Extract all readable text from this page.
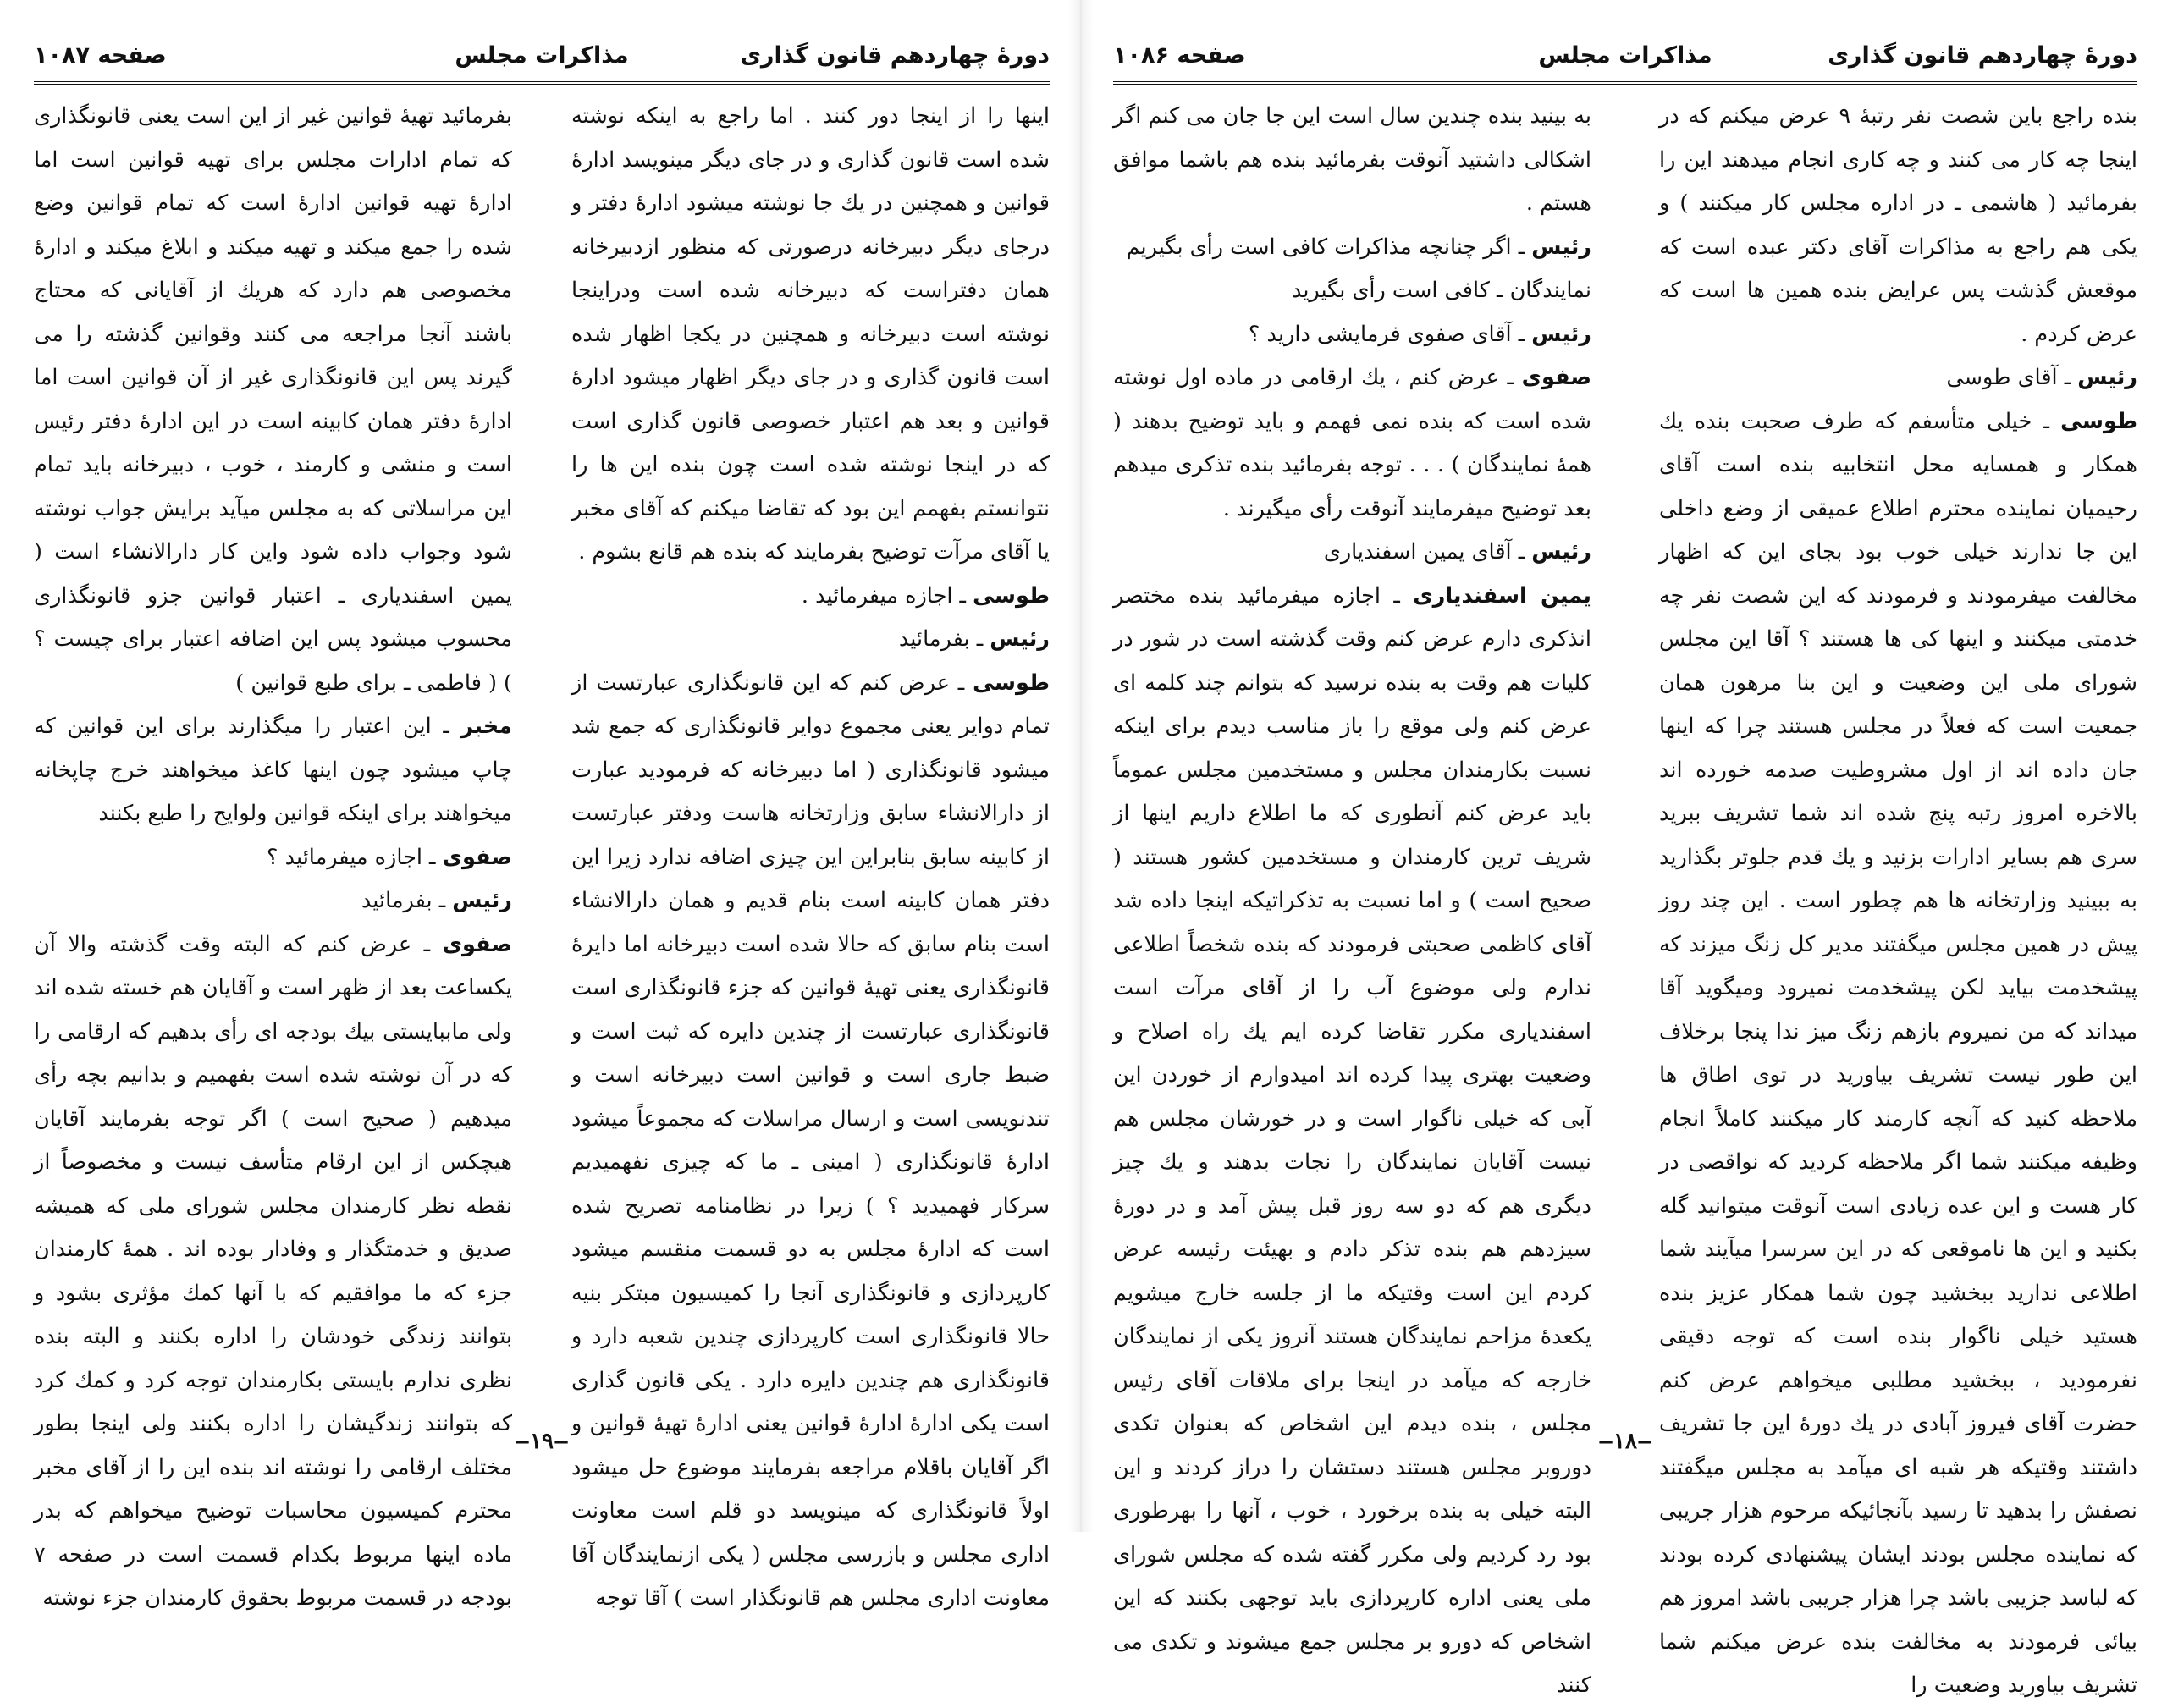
دورهٔ چهاردهم قانون گذاری
مذاکرات مجلس
صفحه ۱۰۸۷

اینها را از اینجا دور کنند . اما راجع به اینکه نوشته شده است قانون گذاری و در جای دیگر مینویسد ادارهٔ قوانین و همچنین در یك جا نوشته میشود ادارهٔ دفتر و درجای دیگر دبیرخانه درصورتی که منظور ازدبیرخانه همان دفتراست که دبیرخانه شده است ودراینجا نوشته است دبیرخانه و همچنین در یکجا اظهار شده است قانون گذاری و در جای دیگر اظهار میشود ادارهٔ قوانین و بعد هم اعتبار خصوصی قانون گذاری است که در اینجا نوشته شده است چون بنده این ها را نتوانستم بفهمم این بود که تقاضا میکنم که آقای مخبر یا آقای مرآت توضیح بفرمایند که بنده هم قانع بشوم .

طوسی ـ اجازه میفرمائید .

رئیس ـ بفرمائید

طوسی ـ عرض کنم که این قانونگذاری عبارتست از تمام دوایر یعنی مجموع دوایر قانونگذاری که جمع شد میشود قانونگذاری ( اما دبیرخانه که فرمودید عبارت از دارالانشاء سابق وزارتخانه هاست ودفتر عبارتست از کابینه سابق بنابراین این چیزی اضافه ندارد زیرا این دفتر همان کابینه است بنام قدیم و همان دارالانشاء است بنام سابق که حالا شده است دبیرخانه اما دایرهٔ قانونگذاری یعنی تهیهٔ قوانین که جزء قانونگذاری است قانونگذاری عبارتست از چندین دایره که ثبت است و ضبط جاری است و قوانین است دبیرخانه است و تندنویسی است و ارسال مراسلات که مجموعاً میشود ادارهٔ قانونگذاری ( امینی ـ ما که چیزی نفهمیدیم سرکار فهمیدید ؟ ) زیرا در نظامنامه تصریح شده است که ادارهٔ مجلس به دو قسمت منقسم میشود کارپردازی و قانونگذاری آنجا را کمیسیون مبتکر بنیه حالا قانونگذاری است کارپردازی چندین شعبه دارد و قانونگذاری هم چندین دایره دارد . یکی قانون گذاری است یکی ادارهٔ ادارهٔ قوانین یعنی ادارهٔ تهیهٔ قوانین و اگر آقایان باقلام مراجعه بفرمایند موضوع حل میشود اولاً قانونگذاری که مینویسد دو قلم است معاونت اداری مجلس و بازرسی مجلس ( یکی ازنمایندگان آقا معاونت اداری مجلس هم قانونگذار است ) آقا توجه

بفرمائید تهیهٔ قوانین غیر از این است یعنی قانونگذاری که تمام ادارات مجلس برای تهیه قوانین است اما ادارهٔ تهیه قوانین ادارهٔ است که تمام قوانین وضع شده را جمع میکند و تهیه میکند و ابلاغ میکند و ادارهٔ مخصوصی هم دارد که هریك از آقایانی که محتاج باشند آنجا مراجعه می کنند وقوانین گذشته را می گیرند پس این قانونگذاری غیر از آن قوانین است اما ادارهٔ دفتر همان کابینه است در این ادارهٔ دفتر رئیس است و منشی و کارمند ، خوب ، دبیرخانه باید تمام این مراسلاتی که به مجلس میآید برایش جواب نوشته شود وجواب داده شود واین کار دارالانشاء است ( یمین اسفندیاری ـ اعتبار قوانین جزو قانونگذاری محسوب میشود پس این اضافه اعتبار برای چیست ؟ ) ( فاطمی ـ برای طبع قوانین )

مخبر ـ این اعتبار را میگذارند برای این قوانین که چاپ میشود چون اینها کاغذ میخواهند خرج چاپخانه میخواهند برای اینکه قوانین ولوایح را طبع بکنند

صفوی ـ اجازه میفرمائید ؟

رئیس ـ بفرمائید

صفوی ـ عرض کنم که البته وقت گذشته والا آن یکساعت بعد از ظهر است و آقایان هم خسته شده اند ولی ماببایستی بیك بودجه ای رأی بدهیم که ارقامی را که در آن نوشته شده است بفهمیم و بدانیم بچه رأی میدهیم ( صحیح است ) اگر توجه بفرمایند آقایان هیچکس از این ارقام متأسف نیست و مخصوصاً از نقطه نظر کارمندان مجلس شورای ملی که همیشه صدیق و خدمتگذار و وفادار بوده اند . همهٔ کارمندان جزء که ما موافقیم که با آنها کمك مؤثری بشود و بتوانند زندگی خودشان را اداره بکنند و البته بنده نظری ندارم بایستی بکارمندان توجه کرد و کمك کرد که بتوانند زندگیشان را اداره بکنند ولی اینجا بطور مختلف ارقامی را نوشته اند بنده این را از آقای مخبر محترم کمیسیون محاسبات توضیح میخواهم که بدر ماده اینها مربوط بکدام قسمت است در صفحه ۷ بودجه در قسمت مربوط بحقوق کارمندان جزء نوشته

‒۱۹‒
دورهٔ چهاردهم قانون گذاری
مذاکرات مجلس
صفحه ۱۰۸۶

بنده راجع باین شصت نفر رتبهٔ ۹ عرض میکنم که در اینجا چه کار می کنند و چه کاری انجام میدهند این را بفرمائید ( هاشمی ـ در اداره مجلس کار میکنند ) و یکی هم راجع به مذاکرات آقای دکتر عبده است که موقعش گذشت پس عرایض بنده همین ها است که عرض کردم .

رئیس ـ آقای طوسی

طوسی ـ خیلی متأسفم که طرف صحبت بنده یك همکار و همسایه محل انتخابیه بنده است آقای رحیمیان نماینده محترم اطلاع عمیقی از وضع داخلی این جا ندارند خیلی خوب بود بجای این که اظهار مخالفت میفرمودند و فرمودند که این شصت نفر چه خدمتی میکنند و اینها کی ها هستند ؟ آقا این مجلس شورای ملی این وضعیت و این بنا مرهون همان جمعیت است که فعلاً در مجلس هستند چرا که اینها جان داده اند از اول مشروطیت صدمه خورده اند بالاخره امروز رتبه پنج شده اند شما تشریف ببرید سری هم بسایر ادارات بزنید و یك قدم جلوتر بگذارید به ببینید وزارتخانه ها هم چطور است . این چند روز پیش در همین مجلس میگفتند مدیر کل زنگ میزند که پیشخدمت بیاید لکن پیشخدمت نمیرود ومیگوید آقا میداند که من نمیروم بازهم زنگ میز ندا پنجا برخلاف این طور نیست تشریف بیاورید در توی اطاق ها ملاحظه کنید که آنچه کارمند کار میکنند کاملاً انجام وظیفه میکنند شما اگر ملاحظه کردید که نواقصی در کار هست و این عده زیادی است آنوقت میتوانید گله بکنید و این ها ناموقعی که در این سرسرا میآیند شما اطلاعی ندارید ببخشید چون شما همکار عزیز بنده هستید خیلی ناگوار بنده است که توجه دقیقی نفرمودید ، ببخشید مطلبی میخواهم عرض کنم حضرت آقای فیروز آبادی در یك دورهٔ این جا تشریف داشتند وقتیکه هر شبه ای میآمد به مجلس میگفتند نصفش را بدهید تا رسید بآنجائیکه مرحوم هزار جریبی که نماینده مجلس بودند ایشان پیشنهادی کرده بودند که لباسد جزیبی باشد چرا هزار جریبی باشد امروز هم بیائی فرمودند به مخالفت بنده عرض میکنم شما تشریف بیاورید وضعیت را

به بینید بنده چندین سال است این جا جان می کنم اگر اشکالی داشتید آنوقت بفرمائید بنده هم باشما موافق هستم .

رئیس ـ اگر چنانچه مذاکرات کافی است رأی بگیریم

نمایندگان ـ کافی است رأی بگیرید

رئیس ـ آقای صفوی فرمایشی دارید ؟

صفوی ـ عرض کنم ، یك ارقامی در ماده اول نوشته شده است که بنده نمی فهمم و باید توضیح بدهند ( همهٔ نمایندگان ) . . . توجه بفرمائید بنده تذکری میدهم بعد توضیح میفرمایند آنوقت رأی میگیرند .

رئیس ـ آقای یمین اسفندیاری

یمین اسفندیاری ـ اجازه میفرمائید بنده مختصر انذکری دارم عرض کنم وقت گذشته است در شور در کلیات هم وقت به بنده نرسید که بتوانم چند کلمه ای عرض کنم ولی موقع را باز مناسب دیدم برای اینکه نسبت بکارمندان مجلس و مستخدمین مجلس عموماً باید عرض کنم آنطوری که ما اطلاع داریم اینها از شریف ترین کارمندان و مستخدمین کشور هستند ( صحیح است ) و اما نسبت به تذکراتیکه اینجا داده شد آقای کاظمی صحبتی فرمودند که بنده شخصاً اطلاعی ندارم ولی موضوع آب را از آقای مرآت است اسفندیاری مکرر تقاضا کرده ایم یك راه اصلاح و وضعیت بهتری پیدا کرده اند امیدوارم از خوردن این آبی که خیلی ناگوار است و در خورشان مجلس هم نیست آقایان نمایندگان را نجات بدهند و یك چیز دیگری هم که دو سه روز قبل پیش آمد و در دورهٔ سیزدهم هم بنده تذکر دادم و بهیئت رئیسه عرض کردم این است وقتیکه ما از جلسه خارج میشویم یکعدهٔ مزاحم نمایندگان هستند آنروز یکی از نمایندگان خارجه که میآمد در اینجا برای ملاقات آقای رئیس مجلس ، بنده دیدم این اشخاص که بعنوان تکدی دوروبر مجلس هستند دستشان را دراز کردند و این البته خیلی به بنده برخورد ، خوب ، آنها را بهرطوری بود رد کردیم ولی مکرر گفته شده که مجلس شورای ملی یعنی اداره کارپردازی باید توجهی بکنند که این اشخاص که دورو بر مجلس جمع میشوند و تکدی می کنند

‒۱۸‒
